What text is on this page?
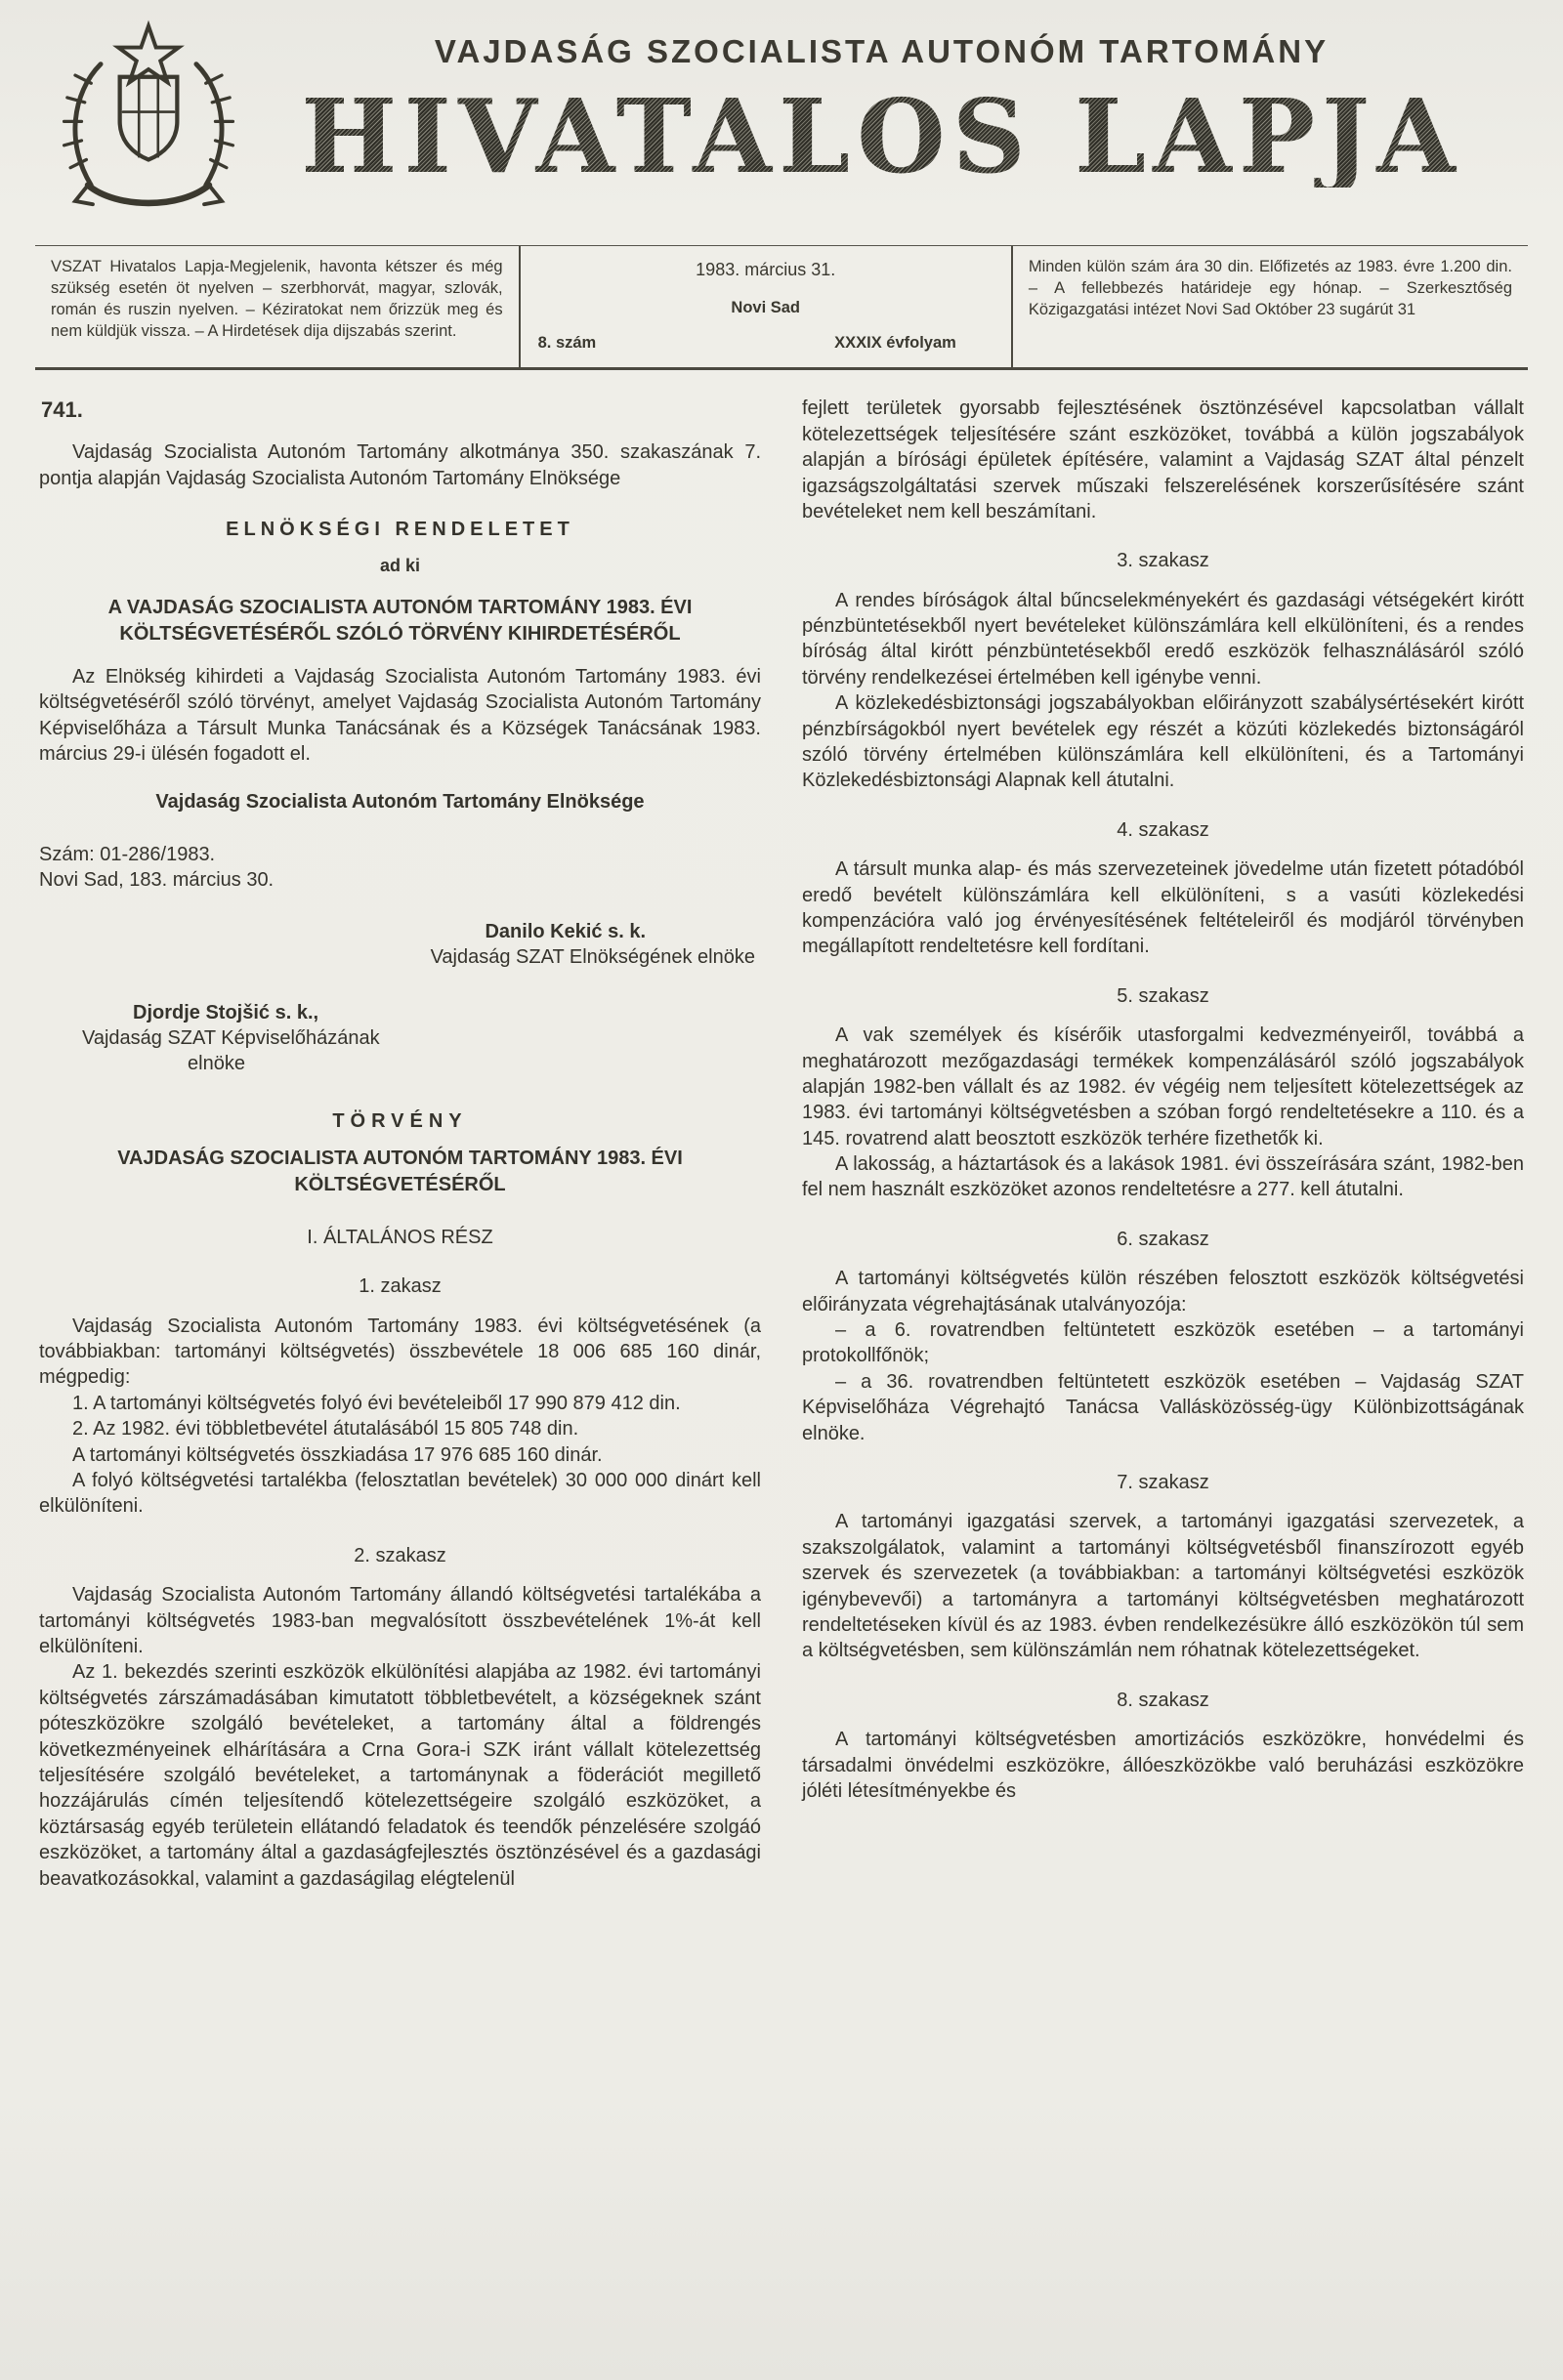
VAJDASÁG SZOCIALISTA AUTONÓM TARTOMÁNY
HIVATALOS LAPJA
VSZAT Hivatalos Lapja-Megjelenik, havonta kétszer és még szükség esetén öt nyelven – szerbhorvát, magyar, szlovák, román és ruszin nyelven. – Kéziratokat nem őrizzük meg és nem küldjük vissza. – A Hirdetések dija dijszabás szerint.
1983. március 31.
Novi Sad
8. szám	XXXIX évfolyam
Minden külön szám ára 30 din. Előfizetés az 1983. évre 1.200 din. – A fellebbezés határideje egy hónap. – Szerkesztőség Közigazgatási intézet Novi Sad Október 23 sugárút 31
741.
Vajdaság Szocialista Autonóm Tartomány alkotmánya 350. szakaszának 7. pontja alapján Vajdaság Szocialista Autonóm Tartomány Elnöksége
ELNÖKSÉGI RENDELETET
ad ki
A VAJDASÁG SZOCIALISTA AUTONÓM TARTOMÁNY 1983. ÉVI KÖLTSÉGVETÉSÉRŐL SZÓLÓ TÖRVÉNY KIHIRDETÉSÉRŐL
Az Elnökség kihirdeti a Vajdaság Szocialista Autonóm Tartomány 1983. évi költségvetéséről szóló törvényt, amelyet Vajdaság Szocialista Autonóm Tartomány Képviselőháza a Társult Munka Tanácsának és a Községek Tanácsának 1983. március 29-i ülésén fogadott el.
Vajdaság Szocialista Autonóm Tartomány Elnöksége
Szám: 01-286/1983.
Novi Sad, 183. március 30.
Danilo Kekić s. k.
Vajdaság SZAT Elnökségének elnöke
Djordje Stojšić s. k.,
Vajdaság SZAT Képviselőházának
elnöke
TÖRVÉNY
VAJDASÁG SZOCIALISTA AUTONÓM TARTOMÁNY 1983. ÉVI KÖLTSÉGVETÉSÉRŐL
I. ÁLTALÁNOS RÉSZ
1. zakasz
Vajdaság Szocialista Autonóm Tartomány 1983. évi költségvetésének (a továbbiakban: tartományi költségvetés) összbevétele 18 006 685 160 dinár, mégpedig:
1. A tartományi költségvetés folyó évi bevételeiből 17 990 879 412 din.
2. Az 1982. évi többletbevétel átutalásából 15 805 748 din.
A tartományi költségvetés összkiadása 17 976 685 160 dinár.
A folyó költségvetési tartalékba (felosztatlan bevételek) 30 000 000 dinárt kell elkülöníteni.
2. szakasz
Vajdaság Szocialista Autonóm Tartomány állandó költségvetési tartalékába a tartományi költségvetés 1983-ban megvalósított összbevételének 1%-át kell elkülöníteni.
Az 1. bekezdés szerinti eszközök elkülönítési alapjába az 1982. évi tartományi költségvetés zárszámadásában kimutatott többletbevételt, a községeknek szánt póteszközökre szolgáló bevételeket, a tartomány által a földrengés következményeinek elhárítására a Crna Gora-i SZK iránt vállalt kötelezettség teljesítésére szolgáló bevételeket, a tartománynak a föderációt megillető hozzájárulás címén teljesítendő kötelezettségeire szolgáló eszközöket, a köztársaság egyéb területein ellátandó feladatok és teendők pénzelésére szolgáó eszközöket, a tartomány által a gazdaságfejlesztés ösztönzésével és a gazdasági beavatkozásokkal, valamint a gazdaságilag elégtelenül
fejlett területek gyorsabb fejlesztésének ösztönzésével kapcsolatban vállalt kötelezettségek teljesítésére szánt eszközöket, továbbá a külön jogszabályok alapján a bírósági épületek építésére, valamint a Vajdaság SZAT által pénzelt igazságszolgáltatási szervek műszaki felszerelésének korszerűsítésére szánt bevételeket nem kell beszámítani.
3. szakasz
A rendes bíróságok által bűncselekményekért és gazdasági vétségekért kirótt pénzbüntetésekből nyert bevételeket különszámlára kell elkülöníteni, és a rendes bíróság által kirótt pénzbüntetésekből eredő eszközök felhasználásáról szóló törvény rendelkezései értelmében kell igénybe venni.
A közlekedésbiztonsági jogszabályokban előirányzott szabálysértésekért kirótt pénzbírságokból nyert bevételek egy részét a közúti közlekedés biztonságáról szóló törvény értelmében különszámlára kell elkülöníteni, és a Tartományi Közlekedésbiztonsági Alapnak kell átutalni.
4. szakasz
A társult munka alap- és más szervezeteinek jövedelme után fizetett pótadóból eredő bevételt különszámlára kell elkülöníteni, s a vasúti közlekedési kompenzációra való jog érvényesítésének feltételeiről és modjáról törvényben megállapított rendeltetésre kell fordítani.
5. szakasz
A vak személyek és kísérőik utasforgalmi kedvezményeiről, továbbá a meghatározott mezőgazdasági termékek kompenzálásáról szóló jogszabályok alapján 1982-ben vállalt és az 1982. év végéig nem teljesített kötelezettségek az 1983. évi tartományi költségvetésben a szóban forgó rendeltetésekre a 110. és a 145. rovatrend alatt beosztott eszközök terhére fizethetők ki.
A lakosság, a háztartások és a lakások 1981. évi összeírására szánt, 1982-ben fel nem használt eszközöket azonos rendeltetésre a 277. kell átutalni.
6. szakasz
A tartományi költségvetés külön részében felosztott eszközök költségvetési előirányzata végrehajtásának utalványozója:
– a 6. rovatrendben feltüntetett eszközök esetében – a tartományi protokollfőnök;
– a 36. rovatrendben feltüntetett eszközök esetében – Vajdaság SZAT Képviselőháza Végrehajtó Tanácsa Vallásközösség-ügy Különbizottságának elnöke.
7. szakasz
A tartományi igazgatási szervek, a tartományi igazgatási szervezetek, a szakszolgálatok, valamint a tartományi költségvetésből finanszírozott egyéb szervek és szervezetek (a továbbiakban: a tartományi költségvetési eszközök igénybevevői) a tartományra a tartományi költségvetésben meghatározott rendeltetéseken kívül és az 1983. évben rendelkezésükre álló eszközökön túl sem a költségvetésben, sem különszámlán nem róhatnak kötelezettségeket.
8. szakasz
A tartományi költségvetésben amortizációs eszközökre, honvédelmi és társadalmi önvédelmi eszközökre, állóeszközökbe való beruházási eszközökre jóléti létesítményekbe és
